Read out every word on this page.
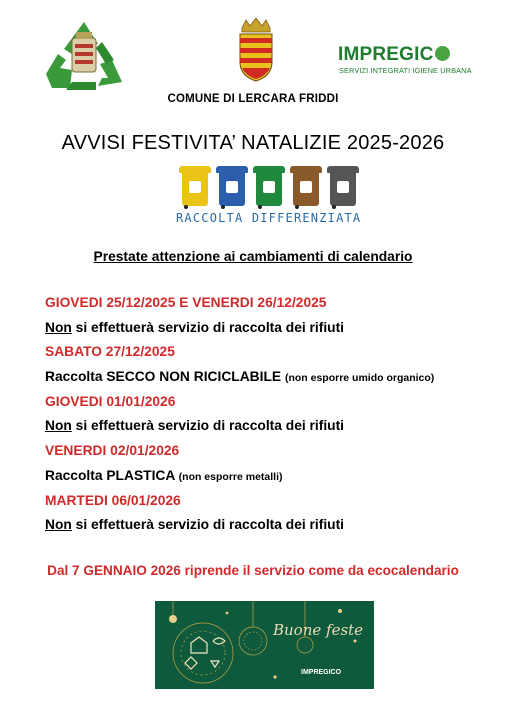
IMPREGIC
SERVIZI INTEGRATI IGIENE URBANA
COMUNE DI LERCARA FRIDDI
AVVISI FESTIVITA’ NATALIZIE 2025-2026
RACCOLTA DIFFERENZIATA
Prestate attenzione ai cambiamenti di calendario
GIOVEDI 25/12/2025 E VENERDI 26/12/2025
Non si effettuerà servizio di raccolta dei rifiuti
SABATO 27/12/2025
Raccolta SECCO NON RICICLABILE (non esporre umido organico)
GIOVEDI 01/01/2026
Non si effettuerà servizio di raccolta dei rifiuti
VENERDI 02/01/2026
Raccolta PLASTICA (non esporre metalli)
MARTEDI 06/01/2026
Non si effettuerà servizio di raccolta dei rifiuti
Dal 7 GENNAIO 2026 riprende il servizio come da ecocalendario
Buone feste
IMPREGICO
